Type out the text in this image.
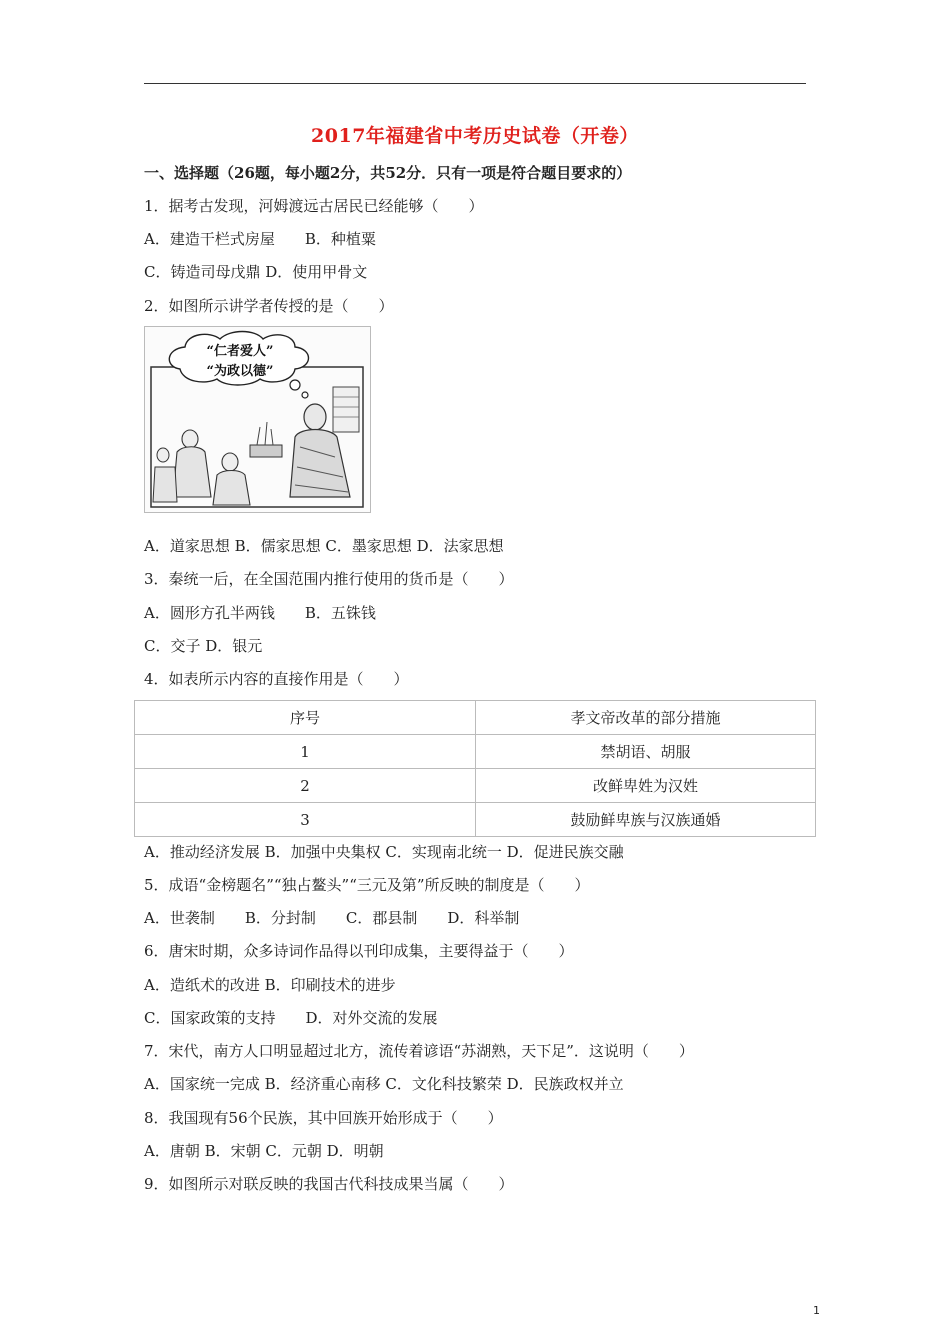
2017年福建省中考历史试卷（开卷）
一、选择题（26题，每小题2分，共52分．只有一项是符合题目要求的）
1．据考古发现，河姆渡远古居民已经能够（　　）
A．建造干栏式房屋　　B．种植粟
C．铸造司母戊鼎 D．使用甲骨文
2．如图所示讲学者传授的是（　　）
“仁者爱人”
“为政以德”
A．道家思想 B．儒家思想 C．墨家思想 D．法家思想
3．秦统一后，在全国范围内推行使用的货币是（　　）
A．圆形方孔半两钱　　B．五铢钱
C．交子 D．银元
4．如表所示内容的直接作用是（　　）
序号	孝文帝改革的部分措施
1	禁胡语、胡服
2	改鲜卑姓为汉姓
3	鼓励鲜卑族与汉族通婚
A．推动经济发展 B．加强中央集权 C．实现南北统一 D．促进民族交融
5．成语“金榜题名”“独占鳌头”“三元及第”所反映的制度是（　　）
A．世袭制　　B．分封制　　C．郡县制　　D．科举制
6．唐宋时期，众多诗词作品得以刊印成集，主要得益于（　　）
A．造纸术的改进 B．印刷技术的进步
C．国家政策的支持　　D．对外交流的发展
7．宋代，南方人口明显超过北方，流传着谚语“苏湖熟，天下足”．这说明（　　）
A．国家统一完成 B．经济重心南移 C．文化科技繁荣 D．民族政权并立
8．我国现有56个民族，其中回族开始形成于（　　）
A．唐朝 B．宋朝 C．元朝 D．明朝
9．如图所示对联反映的我国古代科技成果当属（　　）
1
